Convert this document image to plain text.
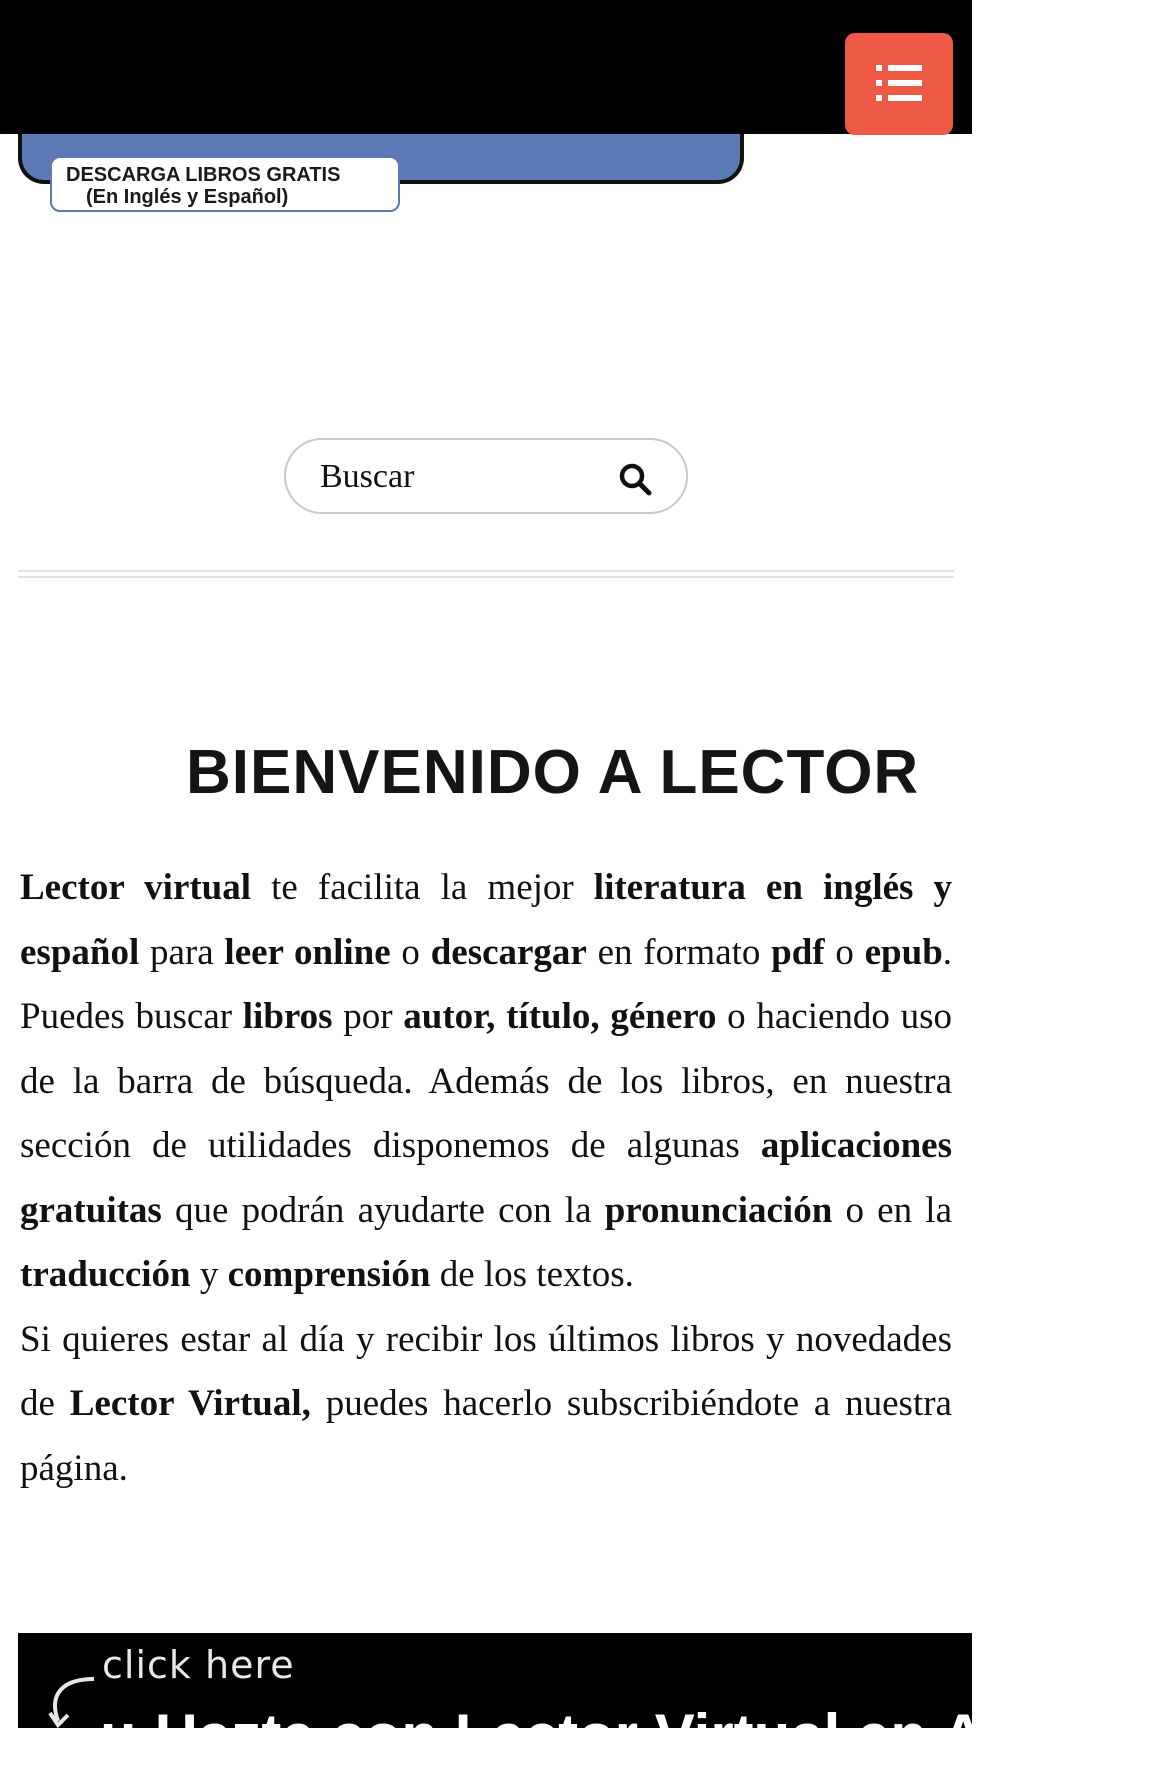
DESCARGA LIBROS GRATIS
(En Inglés y Español)
Buscar
BIENVENIDO A LECTOR

Lector virtual te facilita la mejor literatura en inglés y español para leer online o descargar en formato pdf o epub. Puedes buscar libros por autor, título, género o haciendo uso de la barra de búsqueda. Además de los libros, en nuestra sección de utilidades disponemos de algunas aplicaciones gratuitas que podrán ayudarte con la pronunciación o en la traducción y comprensión de los textos.

Si quieres estar al día y recibir los últimos libros y novedades de Lector Virtual, puedes hacerlo subscribiéndote a nuestra página.

click here
¡¡ Hazte con Lector Virtual en Android
